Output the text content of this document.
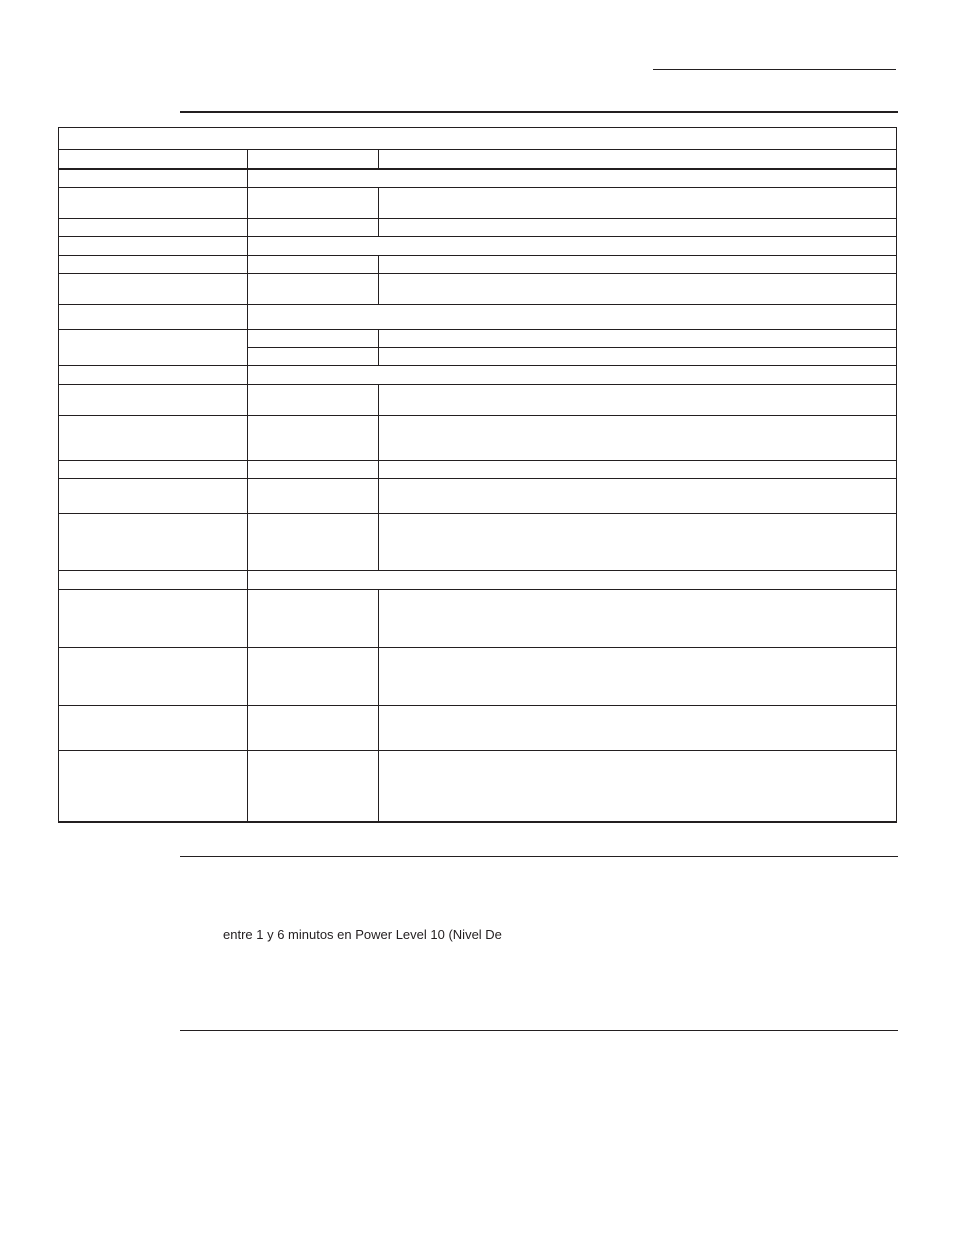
entre 1 y 6 minutos en Power Level 10 (Nivel De
